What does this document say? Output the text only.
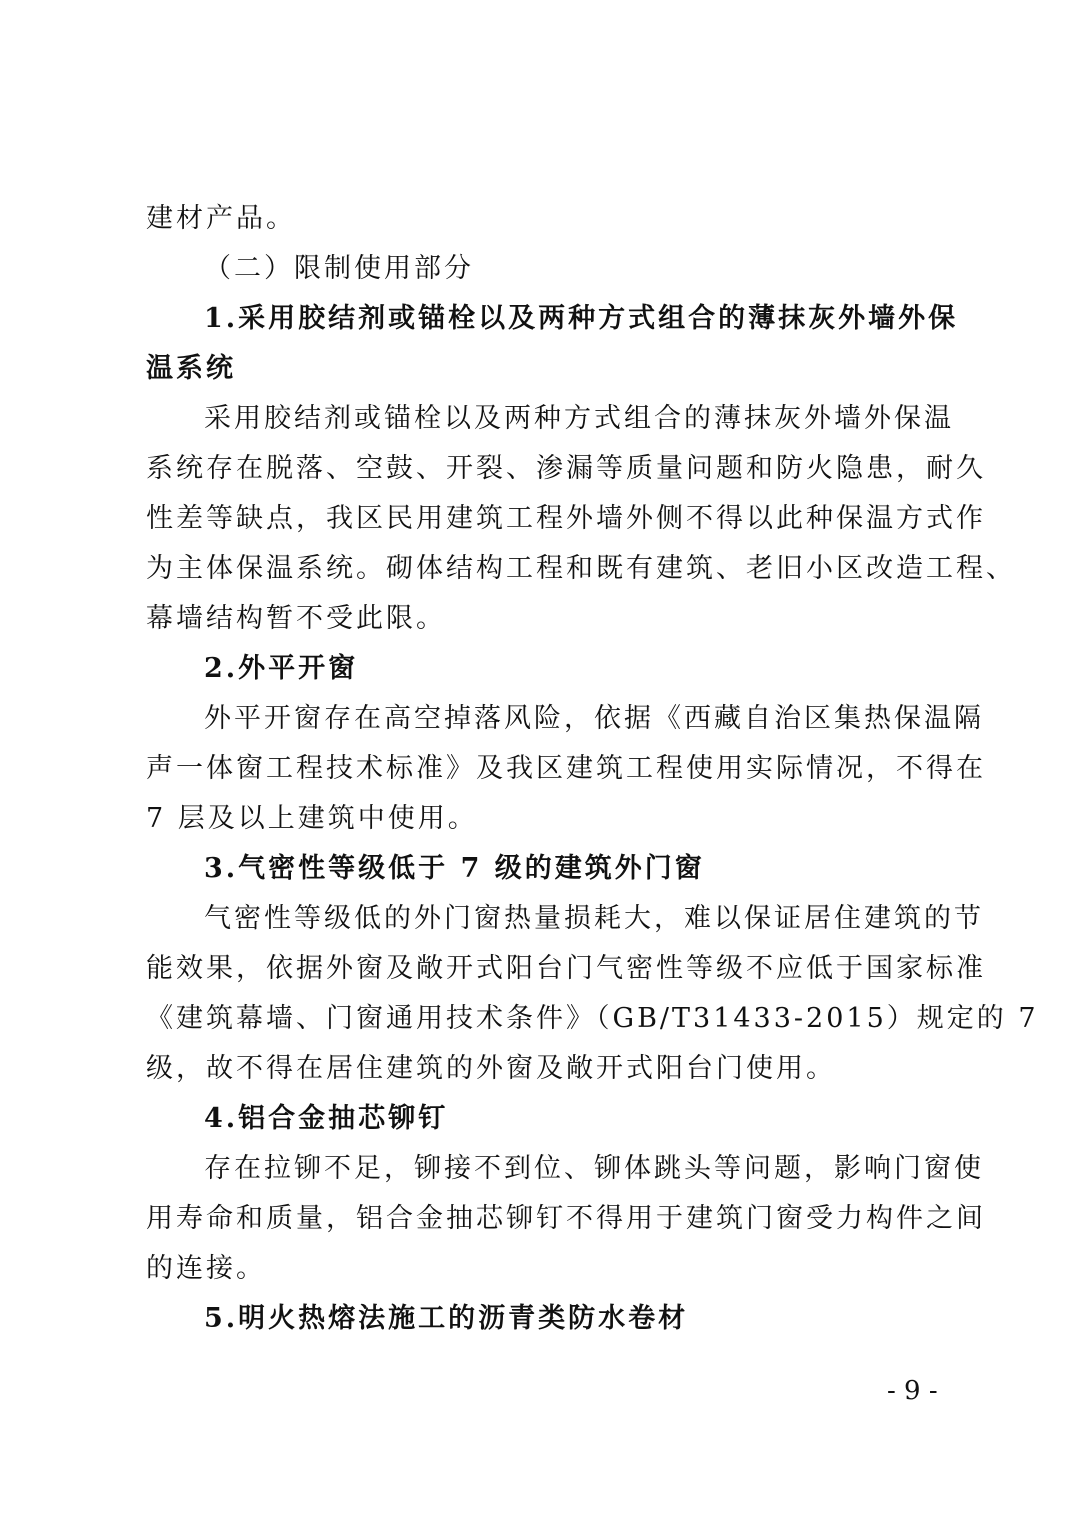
建材产品。

（二）限制使用部分

1.采用胶结剂或锚栓以及两种方式组合的薄抹灰外墙外保

温系统

采用胶结剂或锚栓以及两种方式组合的薄抹灰外墙外保温

系统存在脱落、空鼓、开裂、渗漏等质量问题和防火隐患，耐久

性差等缺点，我区民用建筑工程外墙外侧不得以此种保温方式作

为主体保温系统。砌体结构工程和既有建筑、老旧小区改造工程、

幕墙结构暂不受此限。

2.外平开窗

外平开窗存在高空掉落风险，依据《西藏自治区集热保温隔

声一体窗工程技术标准》及我区建筑工程使用实际情况，不得在

7 层及以上建筑中使用。

3.气密性等级低于 7 级的建筑外门窗

气密性等级低的外门窗热量损耗大，难以保证居住建筑的节

能效果，依据外窗及敞开式阳台门气密性等级不应低于国家标准

《建筑幕墙、门窗通用技术条件》（GB/T31433-2015）规定的 7

级，故不得在居住建筑的外窗及敞开式阳台门使用。

4.铝合金抽芯铆钉

存在拉铆不足，铆接不到位、铆体跳头等问题，影响门窗使

用寿命和质量，铝合金抽芯铆钉不得用于建筑门窗受力构件之间

的连接。

5.明火热熔法施工的沥青类防水卷材

- 9 -
